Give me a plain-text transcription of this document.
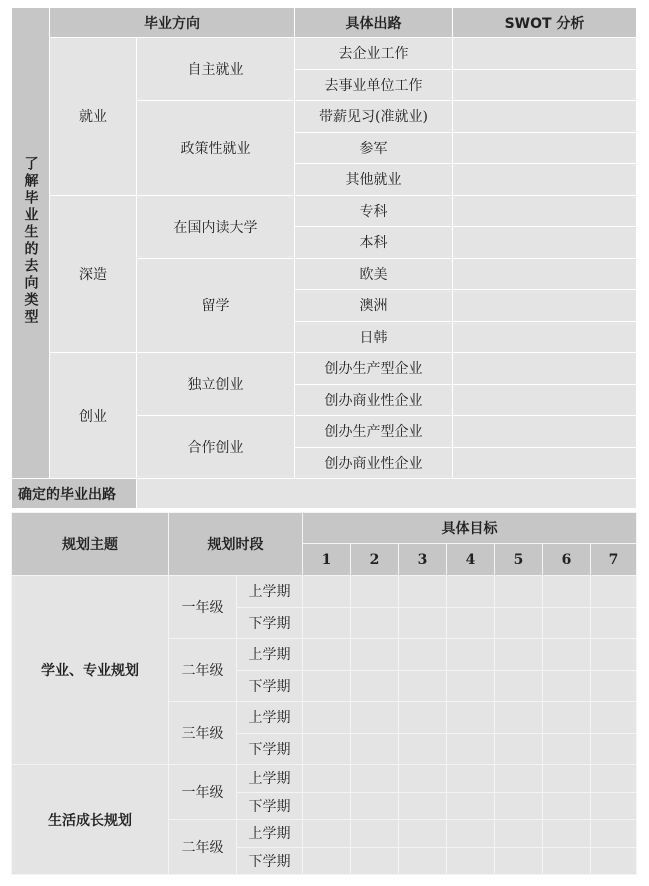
了解毕业生的去向类型	毕业方向		具体出路	SWOT 分析
	就业	自主就业	去企业工作	
			去事业单位工作	
		政策性就业	带薪见习(准就业)	
			参军	
			其他就业	
	深造	在国内读大学	专科	
			本科	
		留学	欧美	
			澳洲	
			日韩	
	创业	独立创业	创办生产型企业	
			创办商业性企业	
		合作创业	创办生产型企业	
			创办商业性企业	
确定的毕业出路				
规划主题	规划时段		具体目标						
			1	2	3	4	5	6	7
学业、专业规划	一年级	上学期							
		下学期							
	二年级	上学期							
		下学期							
	三年级	上学期							
		下学期							
生活成长规划	一年级	上学期							
		下学期							
	二年级	上学期							
		下学期							
